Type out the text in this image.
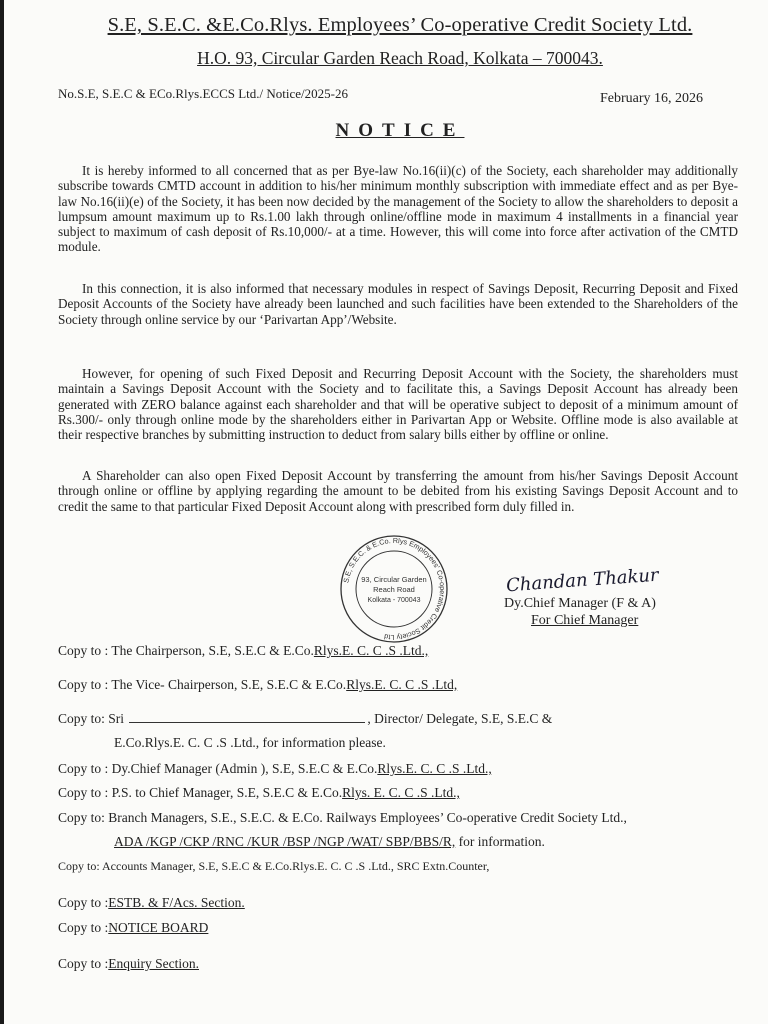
S.E, S.E.C. &E.Co.Rlys. Employees’ Co-operative Credit Society Ltd.
H.O. 93, Circular Garden Reach Road, Kolkata – 700043.
No.S.E, S.E.C & ECo.Rlys.ECCS Ltd./ Notice/2025-26	February 16, 2026
NOTICE

It is hereby informed to all concerned that as per Bye-law No.16(ii)(c) of the Society, each shareholder may additionally subscribe towards CMTD account in addition to his/her minimum monthly subscription with immediate effect and as per Bye-law No.16(ii)(e) of the Society, it has been now decided by the management of the Society to allow the shareholders to deposit a lumpsum amount maximum up to Rs.1.00 lakh through online/offline mode in maximum 4 installments in a financial year subject to maximum of cash deposit of Rs.10,000/- at a time. However, this will come into force after activation of the CMTD module.

In this connection, it is also informed that necessary modules in respect of Savings Deposit, Recurring Deposit and Fixed Deposit Accounts of the Society have already been launched and such facilities have been extended to the Shareholders of the Society through online service by our ‘Parivartan App’/Website.

However, for opening of such Fixed Deposit and Recurring Deposit Account with the Society, the shareholders must maintain a Savings Deposit Account with the Society and to facilitate this, a Savings Deposit Account has already been generated with ZERO balance against each shareholder and that will be operative subject to deposit of a minimum amount of Rs.300/- only through online mode by the shareholders either in Parivartan App or Website. Offline mode is also available at their respective branches by submitting instruction to deduct from salary bills either by offline or online.

A Shareholder can also open Fixed Deposit Account by transferring the amount from his/her Savings Deposit Account through online or offline by applying regarding the amount to be debited from his existing Savings Deposit Account and to credit the same to that particular Fixed Deposit Account along with prescribed form duly filled in.

S.E, S.E.C. & E.Co. Rlys Employees' Co-operative Credit Society Ltd
93, Circular Garden
Reach Road
Kolkata - 700043
Chandan Thakur
Dy.Chief Manager (F & A)
For Chief Manager
Copy to : The Chairperson, S.E, S.E.C & E.Co.Rlys.E. C. C .S .Ltd.,
Copy to : The Vice- Chairperson, S.E, S.E.C & E.Co.Rlys.E. C. C .S .Ltd,
Copy to: Sri	, Director/ Delegate, S.E, S.E.C &
E.Co.Rlys.E. C. C .S .Ltd., for information please.
Copy to : Dy.Chief Manager (Admin ), S.E, S.E.C & E.Co.Rlys.E. C. C .S .Ltd.,
Copy to : P.S. to Chief Manager, S.E, S.E.C & E.Co.Rlys. E. C. C .S .Ltd.,
Copy to: Branch Managers, S.E., S.E.C. & E.Co. Railways Employees’ Co-operative Credit Society Ltd.,
ADA /KGP /CKP /RNC /KUR /BSP /NGP /WAT/ SBP/BBS/R, for information.
Copy to: Accounts Manager, S.E, S.E.C & E.Co.Rlys.E. C. C .S .Ltd., SRC Extn.Counter,
Copy to :ESTB. & F/Acs. Section.
Copy to :NOTICE BOARD
Copy to :Enquiry Section.
